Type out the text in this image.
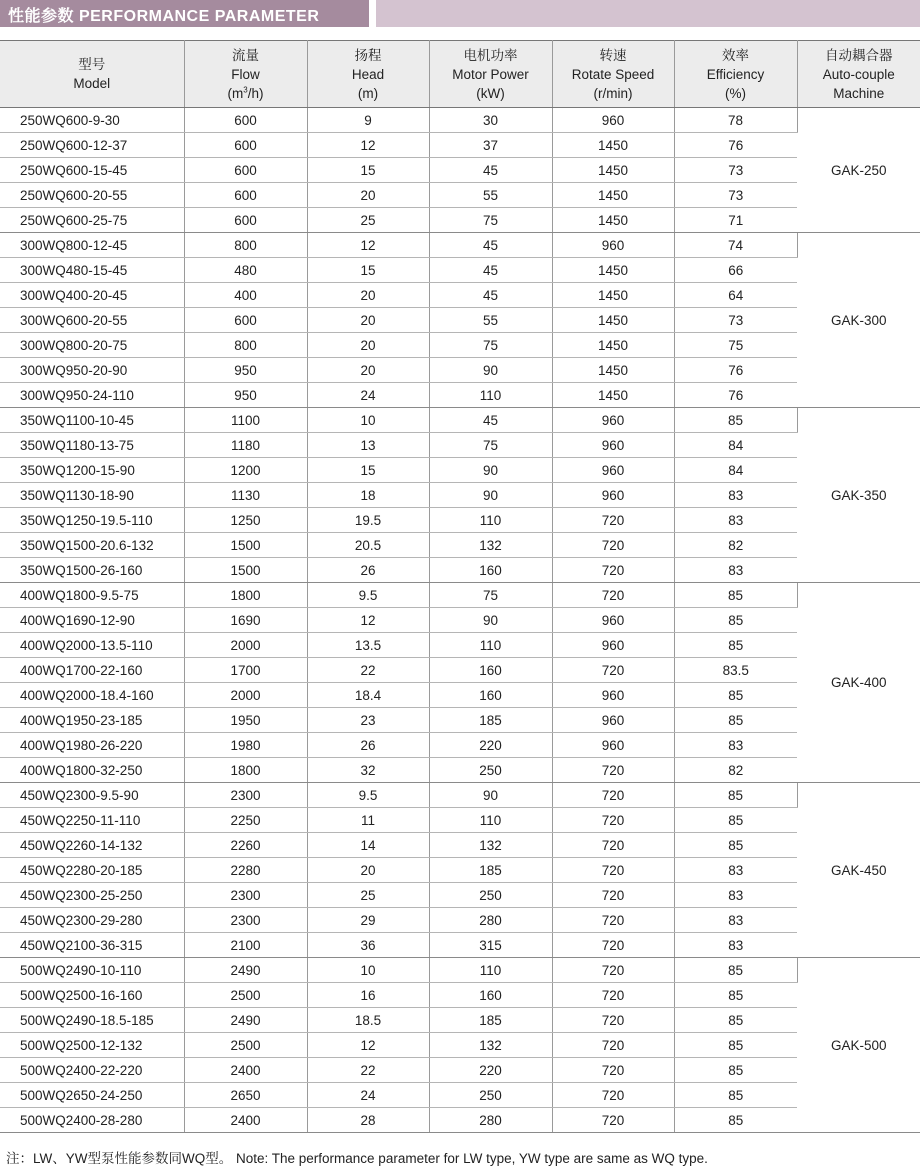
性能参数 PERFORMANCE PARAMETER
型号
Model	流量
Flow
$(m^3/h)$	扬程
Head
(m)	电机功率
Motor Power
(kW)	转速
Rotate Speed
(r/min)	效率
Efficiency
(%)	自动耦合器
Auto-couple
Machine

250WQ600-9-30	600	9	30	960	78	GAK-250
250WQ600-12-37	600	12	37	1450	76	
250WQ600-15-45	600	15	45	1450	73	
250WQ600-20-55	600	20	55	1450	73	
250WQ600-25-75	600	25	75	1450	71	
300WQ800-12-45	800	12	45	960	74	GAK-300
300WQ480-15-45	480	15	45	1450	66	
300WQ400-20-45	400	20	45	1450	64	
300WQ600-20-55	600	20	55	1450	73	
300WQ800-20-75	800	20	75	1450	75	
300WQ950-20-90	950	20	90	1450	76	
300WQ950-24-110	950	24	110	1450	76	
350WQ1100-10-45	1100	10	45	960	85	GAK-350
350WQ1180-13-75	1180	13	75	960	84	
350WQ1200-15-90	1200	15	90	960	84	
350WQ1130-18-90	1130	18	90	960	83	
350WQ1250-19.5-110	1250	19.5	110	720	83	
350WQ1500-20.6-132	1500	20.5	132	720	82	
350WQ1500-26-160	1500	26	160	720	83	
400WQ1800-9.5-75	1800	9.5	75	720	85	GAK-400
400WQ1690-12-90	1690	12	90	960	85	
400WQ2000-13.5-110	2000	13.5	110	960	85	
400WQ1700-22-160	1700	22	160	720	83.5	
400WQ2000-18.4-160	2000	18.4	160	960	85	
400WQ1950-23-185	1950	23	185	960	85	
400WQ1980-26-220	1980	26	220	960	83	
400WQ1800-32-250	1800	32	250	720	82	
450WQ2300-9.5-90	2300	9.5	90	720	85	GAK-450
450WQ2250-11-110	2250	11	110	720	85	
450WQ2260-14-132	2260	14	132	720	85	
450WQ2280-20-185	2280	20	185	720	83	
450WQ2300-25-250	2300	25	250	720	83	
450WQ2300-29-280	2300	29	280	720	83	
450WQ2100-36-315	2100	36	315	720	83	
500WQ2490-10-110	2490	10	110	720	85	GAK-500
500WQ2500-16-160	2500	16	160	720	85	
500WQ2490-18.5-185	2490	18.5	185	720	85	
500WQ2500-12-132	2500	12	132	720	85	
500WQ2400-22-220	2400	22	220	720	85	
500WQ2650-24-250	2650	24	250	720	85	
500WQ2400-28-280	2400	28	280	720	85	
注：LW、YW型泵性能参数同WQ型。 Note: The performance parameter for LW type, YW type are same as WQ type.
